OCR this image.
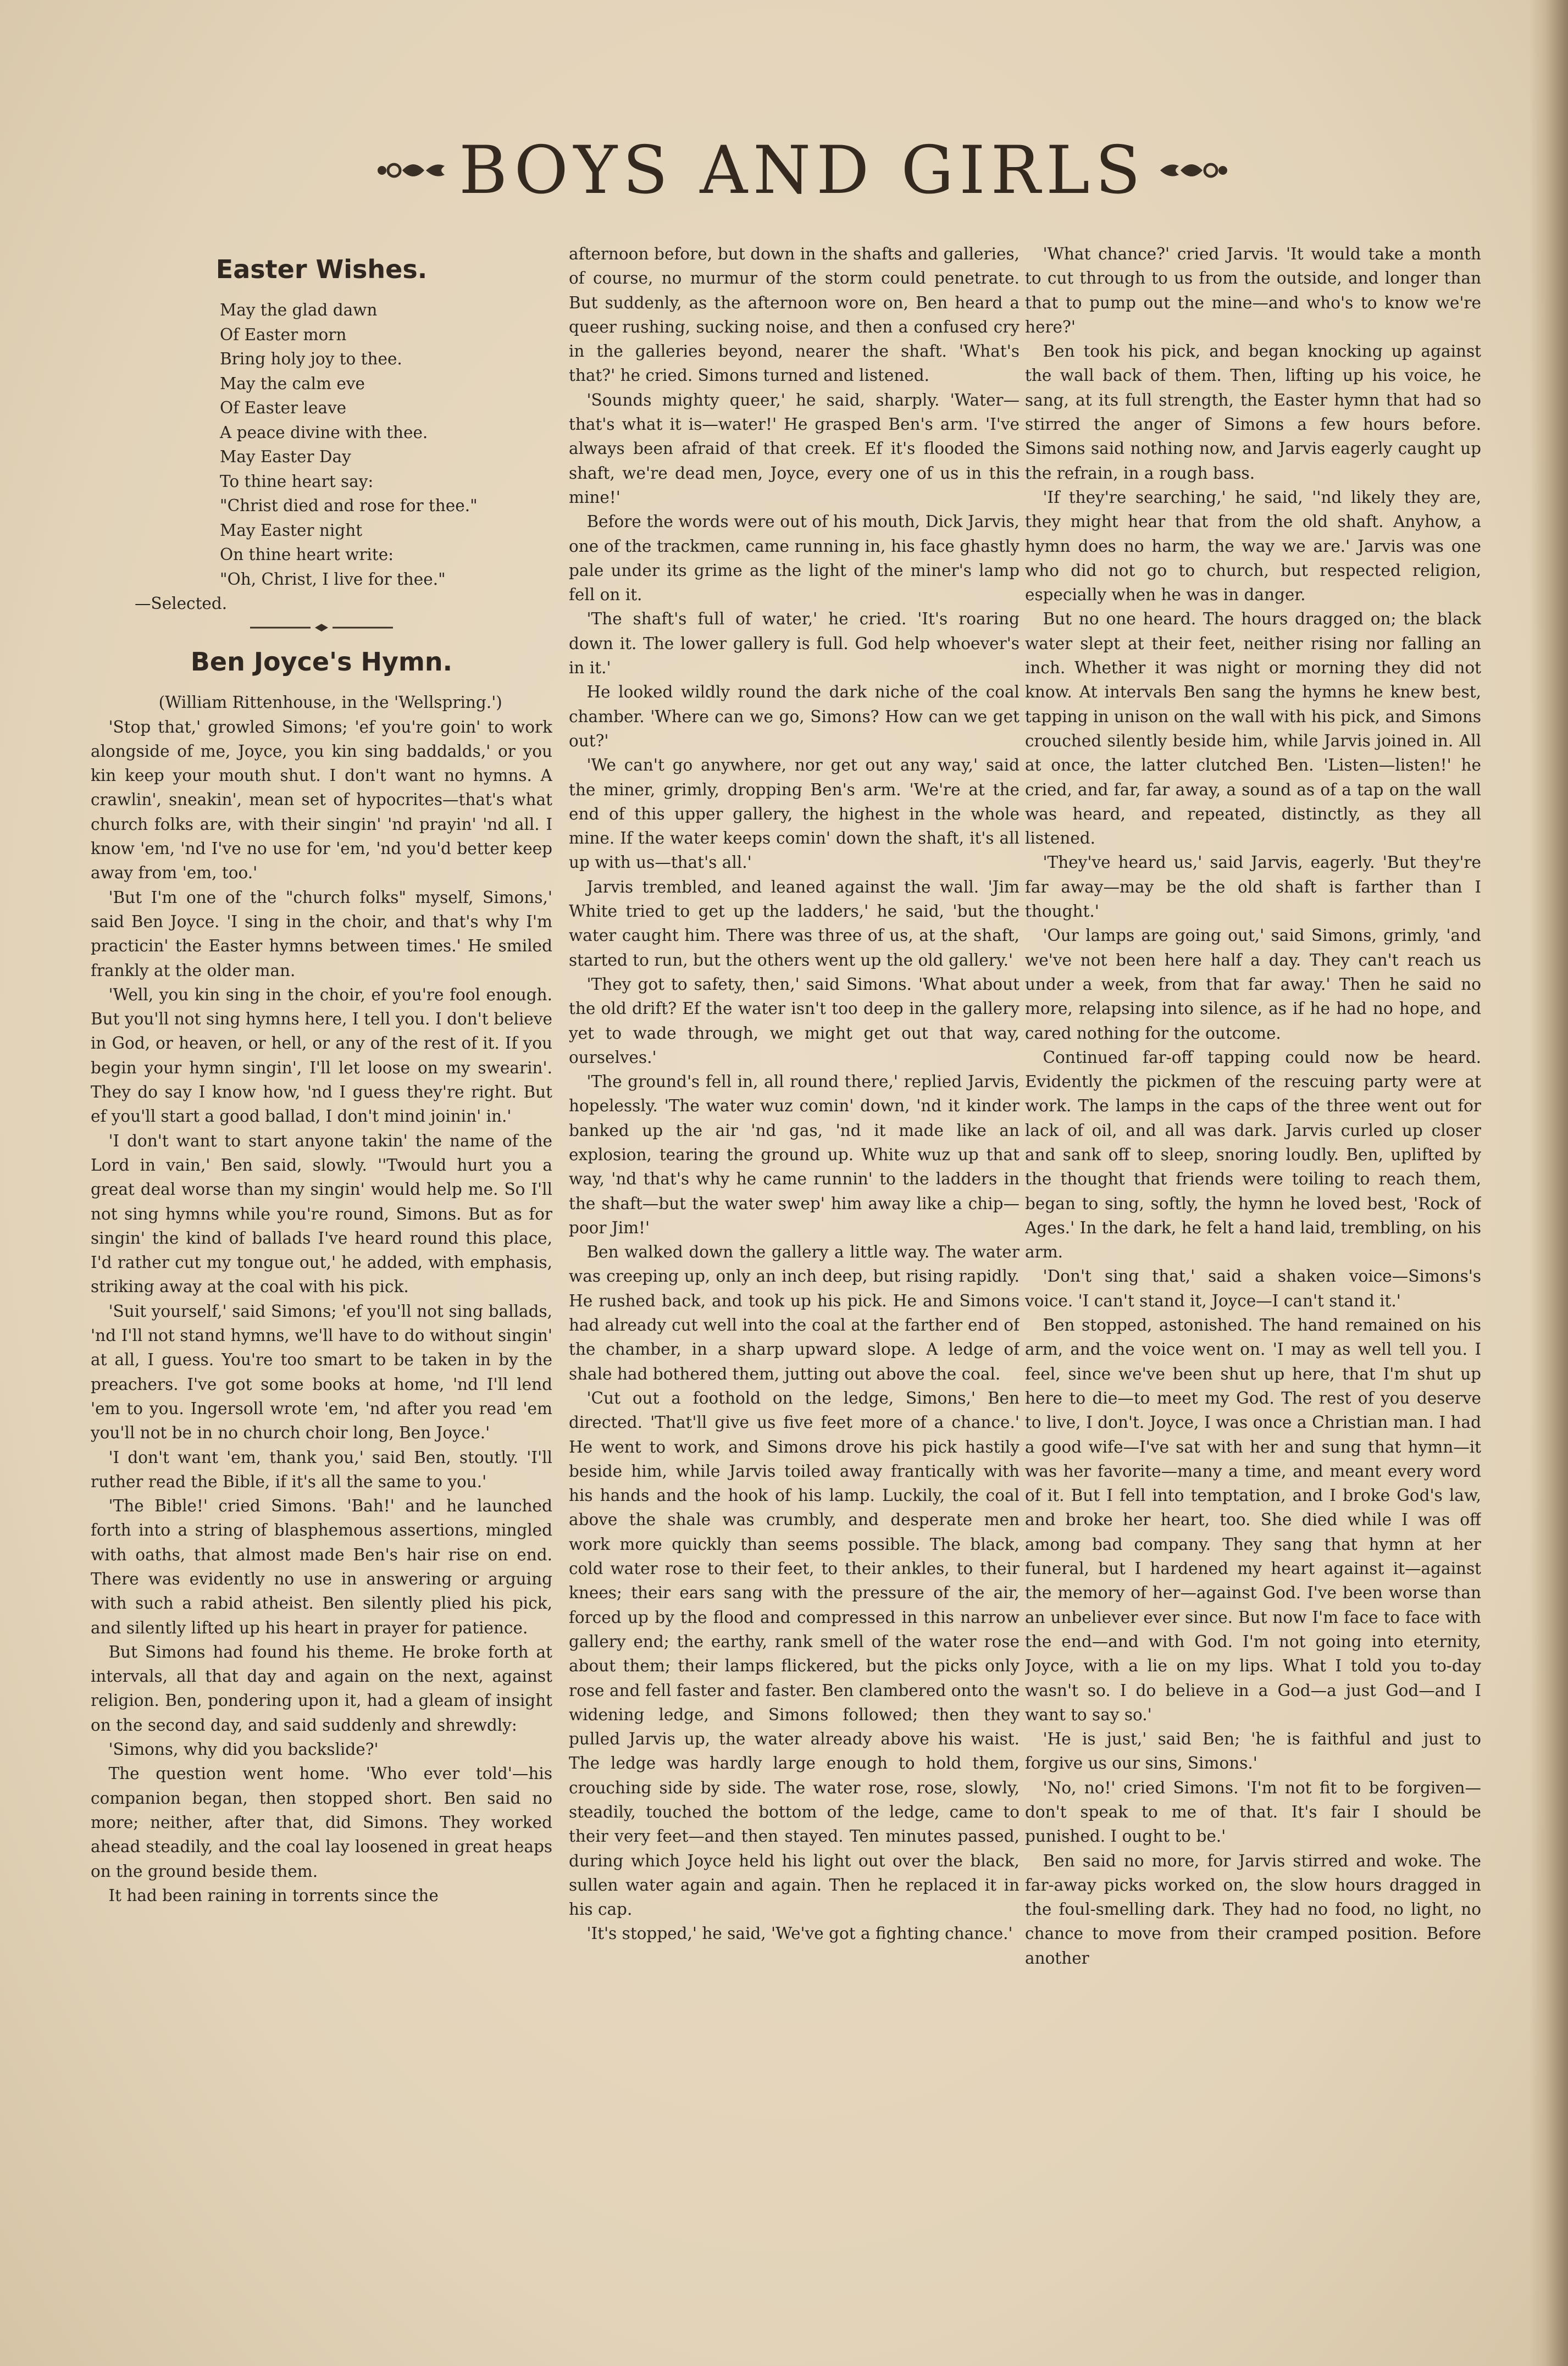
BOYS AND GIRLS
Easter Wishes.
May the glad dawn
Of Easter morn
Bring holy joy to thee.
May the calm eve
Of Easter leave
A peace divine with thee.
May Easter Day
To thine heart say:
"Christ died and rose for thee."
May Easter night
On thine heart write:
"Oh, Christ, I live for thee."
—Selected.
Ben Joyce's Hymn.

(William Rittenhouse, in the 'Wellspring.')

'Stop that,' growled Simons; 'ef you're goin' to work alongside of me, Joyce, you kin sing baddalds,' or you kin keep your mouth shut. I don't want no hymns. A crawlin', sneakin', mean set of hypocrites—that's what church folks are, with their singin' 'nd prayin' 'nd all. I know 'em, 'nd I've no use for 'em, 'nd you'd better keep away from 'em, too.'

'But I'm one of the "church folks" myself, Simons,' said Ben Joyce. 'I sing in the choir, and that's why I'm practicin' the Easter hymns between times.' He smiled frankly at the older man.

'Well, you kin sing in the choir, ef you're fool enough. But you'll not sing hymns here, I tell you. I don't believe in God, or heaven, or hell, or any of the rest of it. If you begin your hymn singin', I'll let loose on my swearin'. They do say I know how, 'nd I guess they're right. But ef you'll start a good ballad, I don't mind joinin' in.'

'I don't want to start anyone takin' the name of the Lord in vain,' Ben said, slowly. ''Twould hurt you a great deal worse than my singin' would help me. So I'll not sing hymns while you're round, Simons. But as for singin' the kind of ballads I've heard round this place, I'd rather cut my tongue out,' he added, with emphasis, striking away at the coal with his pick.

'Suit yourself,' said Simons; 'ef you'll not sing ballads, 'nd I'll not stand hymns, we'll have to do without singin' at all, I guess. You're too smart to be taken in by the preachers. I've got some books at home, 'nd I'll lend 'em to you. Ingersoll wrote 'em, 'nd after you read 'em you'll not be in no church choir long, Ben Joyce.'

'I don't want 'em, thank you,' said Ben, stoutly. 'I'll ruther read the Bible, if it's all the same to you.'

'The Bible!' cried Simons. 'Bah!' and he launched forth into a string of blasphemous assertions, mingled with oaths, that almost made Ben's hair rise on end. There was evidently no use in answering or arguing with such a rabid atheist. Ben silently plied his pick, and silently lifted up his heart in prayer for patience.

But Simons had found his theme. He broke forth at intervals, all that day and again on the next, against religion. Ben, pondering upon it, had a gleam of insight on the second day, and said suddenly and shrewdly:

'Simons, why did you backslide?'

The question went home. 'Who ever told'—his companion began, then stopped short. Ben said no more; neither, after that, did Simons. They worked ahead steadily, and the coal lay loosened in great heaps on the ground beside them.

It had been raining in torrents since the

afternoon before, but down in the shafts and galleries, of course, no murmur of the storm could penetrate. But suddenly, as the afternoon wore on, Ben heard a queer rushing, sucking noise, and then a confused cry in the galleries beyond, nearer the shaft. 'What's that?' he cried. Simons turned and listened.

'Sounds mighty queer,' he said, sharply. 'Water—that's what it is—water!' He grasped Ben's arm. 'I've always been afraid of that creek. Ef it's flooded the shaft, we're dead men, Joyce, every one of us in this mine!'

Before the words were out of his mouth, Dick Jarvis, one of the trackmen, came running in, his face ghastly pale under its grime as the light of the miner's lamp fell on it.

'The shaft's full of water,' he cried. 'It's roaring down it. The lower gallery is full. God help whoever's in it.'

He looked wildly round the dark niche of the coal chamber. 'Where can we go, Simons? How can we get out?'

'We can't go anywhere, nor get out any way,' said the miner, grimly, dropping Ben's arm. 'We're at the end of this upper gallery, the highest in the whole mine. If the water keeps comin' down the shaft, it's all up with us—that's all.'

Jarvis trembled, and leaned against the wall. 'Jim White tried to get up the ladders,' he said, 'but the water caught him. There was three of us, at the shaft, started to run, but the others went up the old gallery.'

'They got to safety, then,' said Simons. 'What about the old drift? Ef the water isn't too deep in the gallery yet to wade through, we might get out that way, ourselves.'

'The ground's fell in, all round there,' replied Jarvis, hopelessly. 'The water wuz comin' down, 'nd it kinder banked up the air 'nd gas, 'nd it made like an explosion, tearing the ground up. White wuz up that way, 'nd that's why he came runnin' to the ladders in the shaft—but the water swep' him away like a chip—poor Jim!'

Ben walked down the gallery a little way. The water was creeping up, only an inch deep, but rising rapidly. He rushed back, and took up his pick. He and Simons had already cut well into the coal at the farther end of the chamber, in a sharp upward slope. A ledge of shale had bothered them, jutting out above the coal.

'Cut out a foothold on the ledge, Simons,' Ben directed. 'That'll give us five feet more of a chance.' He went to work, and Simons drove his pick hastily beside him, while Jarvis toiled away frantically with his hands and the hook of his lamp. Luckily, the coal above the shale was crumbly, and desperate men work more quickly than seems possible. The black, cold water rose to their feet, to their ankles, to their knees; their ears sang with the pressure of the air, forced up by the flood and compressed in this narrow gallery end; the earthy, rank smell of the water rose about them; their lamps flickered, but the picks only rose and fell faster and faster. Ben clambered onto the widening ledge, and Simons followed; then they pulled Jarvis up, the water already above his waist. The ledge was hardly large enough to hold them, crouching side by side. The water rose, rose, slowly, steadily, touched the bottom of the ledge, came to their very feet—and then stayed. Ten minutes passed, during which Joyce held his light out over the black, sullen water again and again. Then he replaced it in his cap.

'It's stopped,' he said, 'We've got a fighting chance.'

'What chance?' cried Jarvis. 'It would take a month to cut through to us from the outside, and longer than that to pump out the mine—and who's to know we're here?'

Ben took his pick, and began knocking up against the wall back of them. Then, lifting up his voice, he sang, at its full strength, the Easter hymn that had so stirred the anger of Simons a few hours before. Simons said nothing now, and Jarvis eagerly caught up the refrain, in a rough bass.

'If they're searching,' he said, ''nd likely they are, they might hear that from the old shaft. Anyhow, a hymn does no harm, the way we are.' Jarvis was one who did not go to church, but respected religion, especially when he was in danger.

But no one heard. The hours dragged on; the black water slept at their feet, neither rising nor falling an inch. Whether it was night or morning they did not know. At intervals Ben sang the hymns he knew best, tapping in unison on the wall with his pick, and Simons crouched silently beside him, while Jarvis joined in. All at once, the latter clutched Ben. 'Listen—listen!' he cried, and far, far away, a sound as of a tap on the wall was heard, and repeated, distinctly, as they all listened.

'They've heard us,' said Jarvis, eagerly. 'But they're far away—may be the old shaft is farther than I thought.'

'Our lamps are going out,' said Simons, grimly, 'and we've not been here half a day. They can't reach us under a week, from that far away.' Then he said no more, relapsing into silence, as if he had no hope, and cared nothing for the outcome.

Continued far-off tapping could now be heard. Evidently the pickmen of the rescuing party were at work. The lamps in the caps of the three went out for lack of oil, and all was dark. Jarvis curled up closer and sank off to sleep, snoring loudly. Ben, uplifted by the thought that friends were toiling to reach them, began to sing, softly, the hymn he loved best, 'Rock of Ages.' In the dark, he felt a hand laid, trembling, on his arm.

'Don't sing that,' said a shaken voice—Simons's voice. 'I can't stand it, Joyce—I can't stand it.'

Ben stopped, astonished. The hand remained on his arm, and the voice went on. 'I may as well tell you. I feel, since we've been shut up here, that I'm shut up here to die—to meet my God. The rest of you deserve to live, I don't. Joyce, I was once a Christian man. I had a good wife—I've sat with her and sung that hymn—it was her favorite—many a time, and meant every word of it. But I fell into temptation, and I broke God's law, and broke her heart, too. She died while I was off among bad company. They sang that hymn at her funeral, but I hardened my heart against it—against the memory of her—against God. I've been worse than an unbeliever ever since. But now I'm face to face with the end—and with God. I'm not going into eternity, Joyce, with a lie on my lips. What I told you to-day wasn't so. I do believe in a God—a just God—and I want to say so.'

'He is just,' said Ben; 'he is faithful and just to forgive us our sins, Simons.'

'No, no!' cried Simons. 'I'm not fit to be forgiven—don't speak to me of that. It's fair I should be punished. I ought to be.'

Ben said no more, for Jarvis stirred and woke. The far-away picks worked on, the slow hours dragged in the foul-smelling dark. They had no food, no light, no chance to move from their cramped position. Before another
